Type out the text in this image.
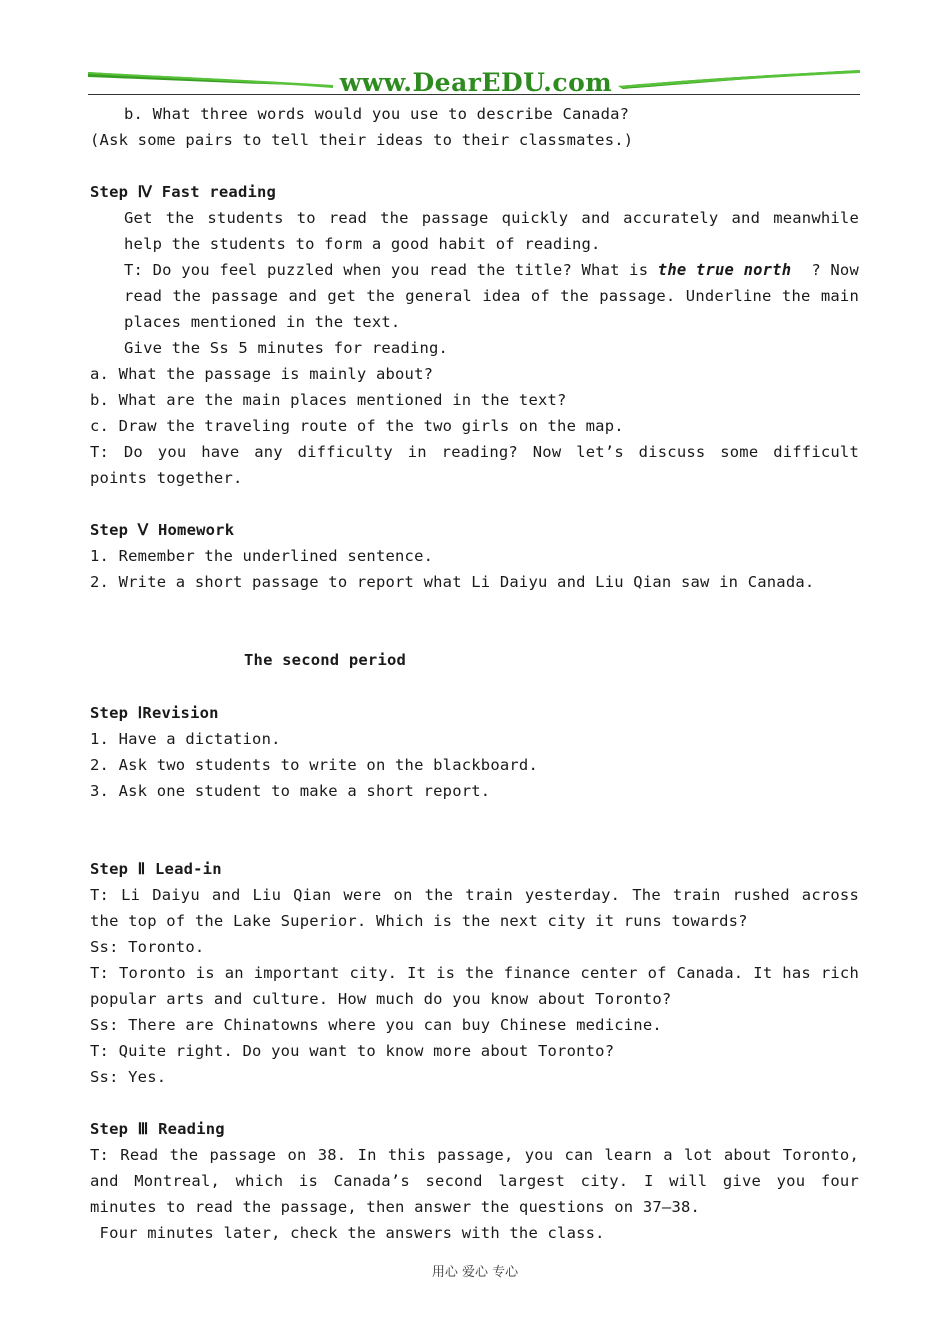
www.DearEDU.com
b. What three words would you use to describe Canada?
(Ask some pairs to tell their ideas to their classmates.)
Step Ⅳ Fast reading
Get the students to read the passage quickly and accurately and meanwhile
help the students to form a good habit of reading.
T: Do you feel puzzled when you read the title? What is the true north ? Now
read the passage and get the general idea of the passage. Underline the main
places mentioned in the text.
Give the Ss 5 minutes for reading.
a. What the passage is mainly about?
b. What are the main places mentioned in the text?
c. Draw the traveling route of the two girls on the map.
T: Do you have any difficulty in reading? Now let’s discuss some difficult
points together.
Step Ⅴ Homework
1. Remember the underlined sentence.
2. Write a short passage to report what Li Daiyu and Liu Qian saw in Canada.
The second period
Step ⅠRevision
1. Have a dictation.
2. Ask two students to write on the blackboard.
3. Ask one student to make a short report.
Step Ⅱ Lead-in
T: Li Daiyu and Liu Qian were on the train yesterday. The train rushed across
the top of the Lake Superior. Which is the next city it runs towards?
Ss: Toronto.
T: Toronto is an important city. It is the finance center of Canada. It has rich
popular arts and culture. How much do you know about Toronto?
Ss: There are Chinatowns where you can buy Chinese medicine.
T: Quite right. Do you want to know more about Toronto?
Ss: Yes.
Step Ⅲ Reading
T: Read the passage on 38. In this passage, you can learn a lot about Toronto,
and Montreal, which is Canada’s second largest city. I will give you four
minutes to read the passage, then answer the questions on 37—38.
Four minutes later, check the answers with the class.
用心 爱心 专心
